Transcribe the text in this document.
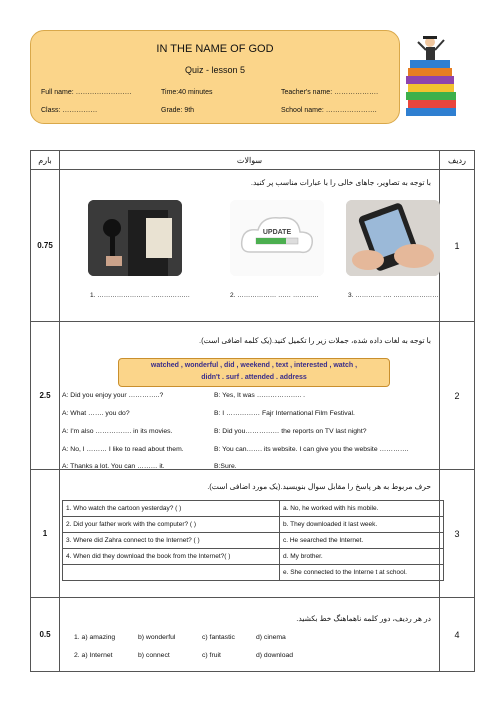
IN THE NAME OF GOD
Quiz - lesson 5
Full name: ……………………	Time:40 minutes	Teacher's name: ……………….
Class: ……………	Grade: 9th	School name: ………………….
بارم	سوالات	ردیف
0.75	
با توجه به تصاویر، جاهای خالی را با عبارات مناسب پر کنید.
UPDATE
1. …………………… ………………	2. ……………… …… …………	3. ………… …. …………………
	1
2.5	
با توجه به لغات داده شده، جملات زیر را تکمیل کنید.(یک کلمه اضافی است).
watched , wonderful , did , weekend , text , interested , watch ,
didn't . surf . attended . address
A: Did you enjoy your …………..?	B: Yes, It was ……………….. .
A: What ……. you do?	B: I …………… Fajr International Film Festival.
A: I'm also ……………. in its movies.	B: Did you…………… the reports on TV last night?
A: No, I ……… I like to read about them.	B: You can……. its website. I can give you the website ………….
A: Thanks a lot. You can ……… it.	B:Sure.
	2
1	
حرف مربوط به هر پاسخ را مقابل سوال بنویسید.(یک مورد اضافی است).
1. Who watch the cartoon yesterday? ( )	a. No, he worked with his mobile.
2. Did your father work with the computer? ( )	b. They downloaded it last week.
3. Where did Zahra connect to the Internet? ( )	c. He searched the Internet.
4. When did they download the book from the Internet?( )	d. My brother.
	e. She connected to the Interne t at school.
	3
0.5	
در هر ردیف، دور کلمه ناهماهنگ خط بکشید.
1. a) amazing	b) wonderful	c) fantastic	d) cinema
2. a) Internet	b) connect	c) fruit	d) download
	4
